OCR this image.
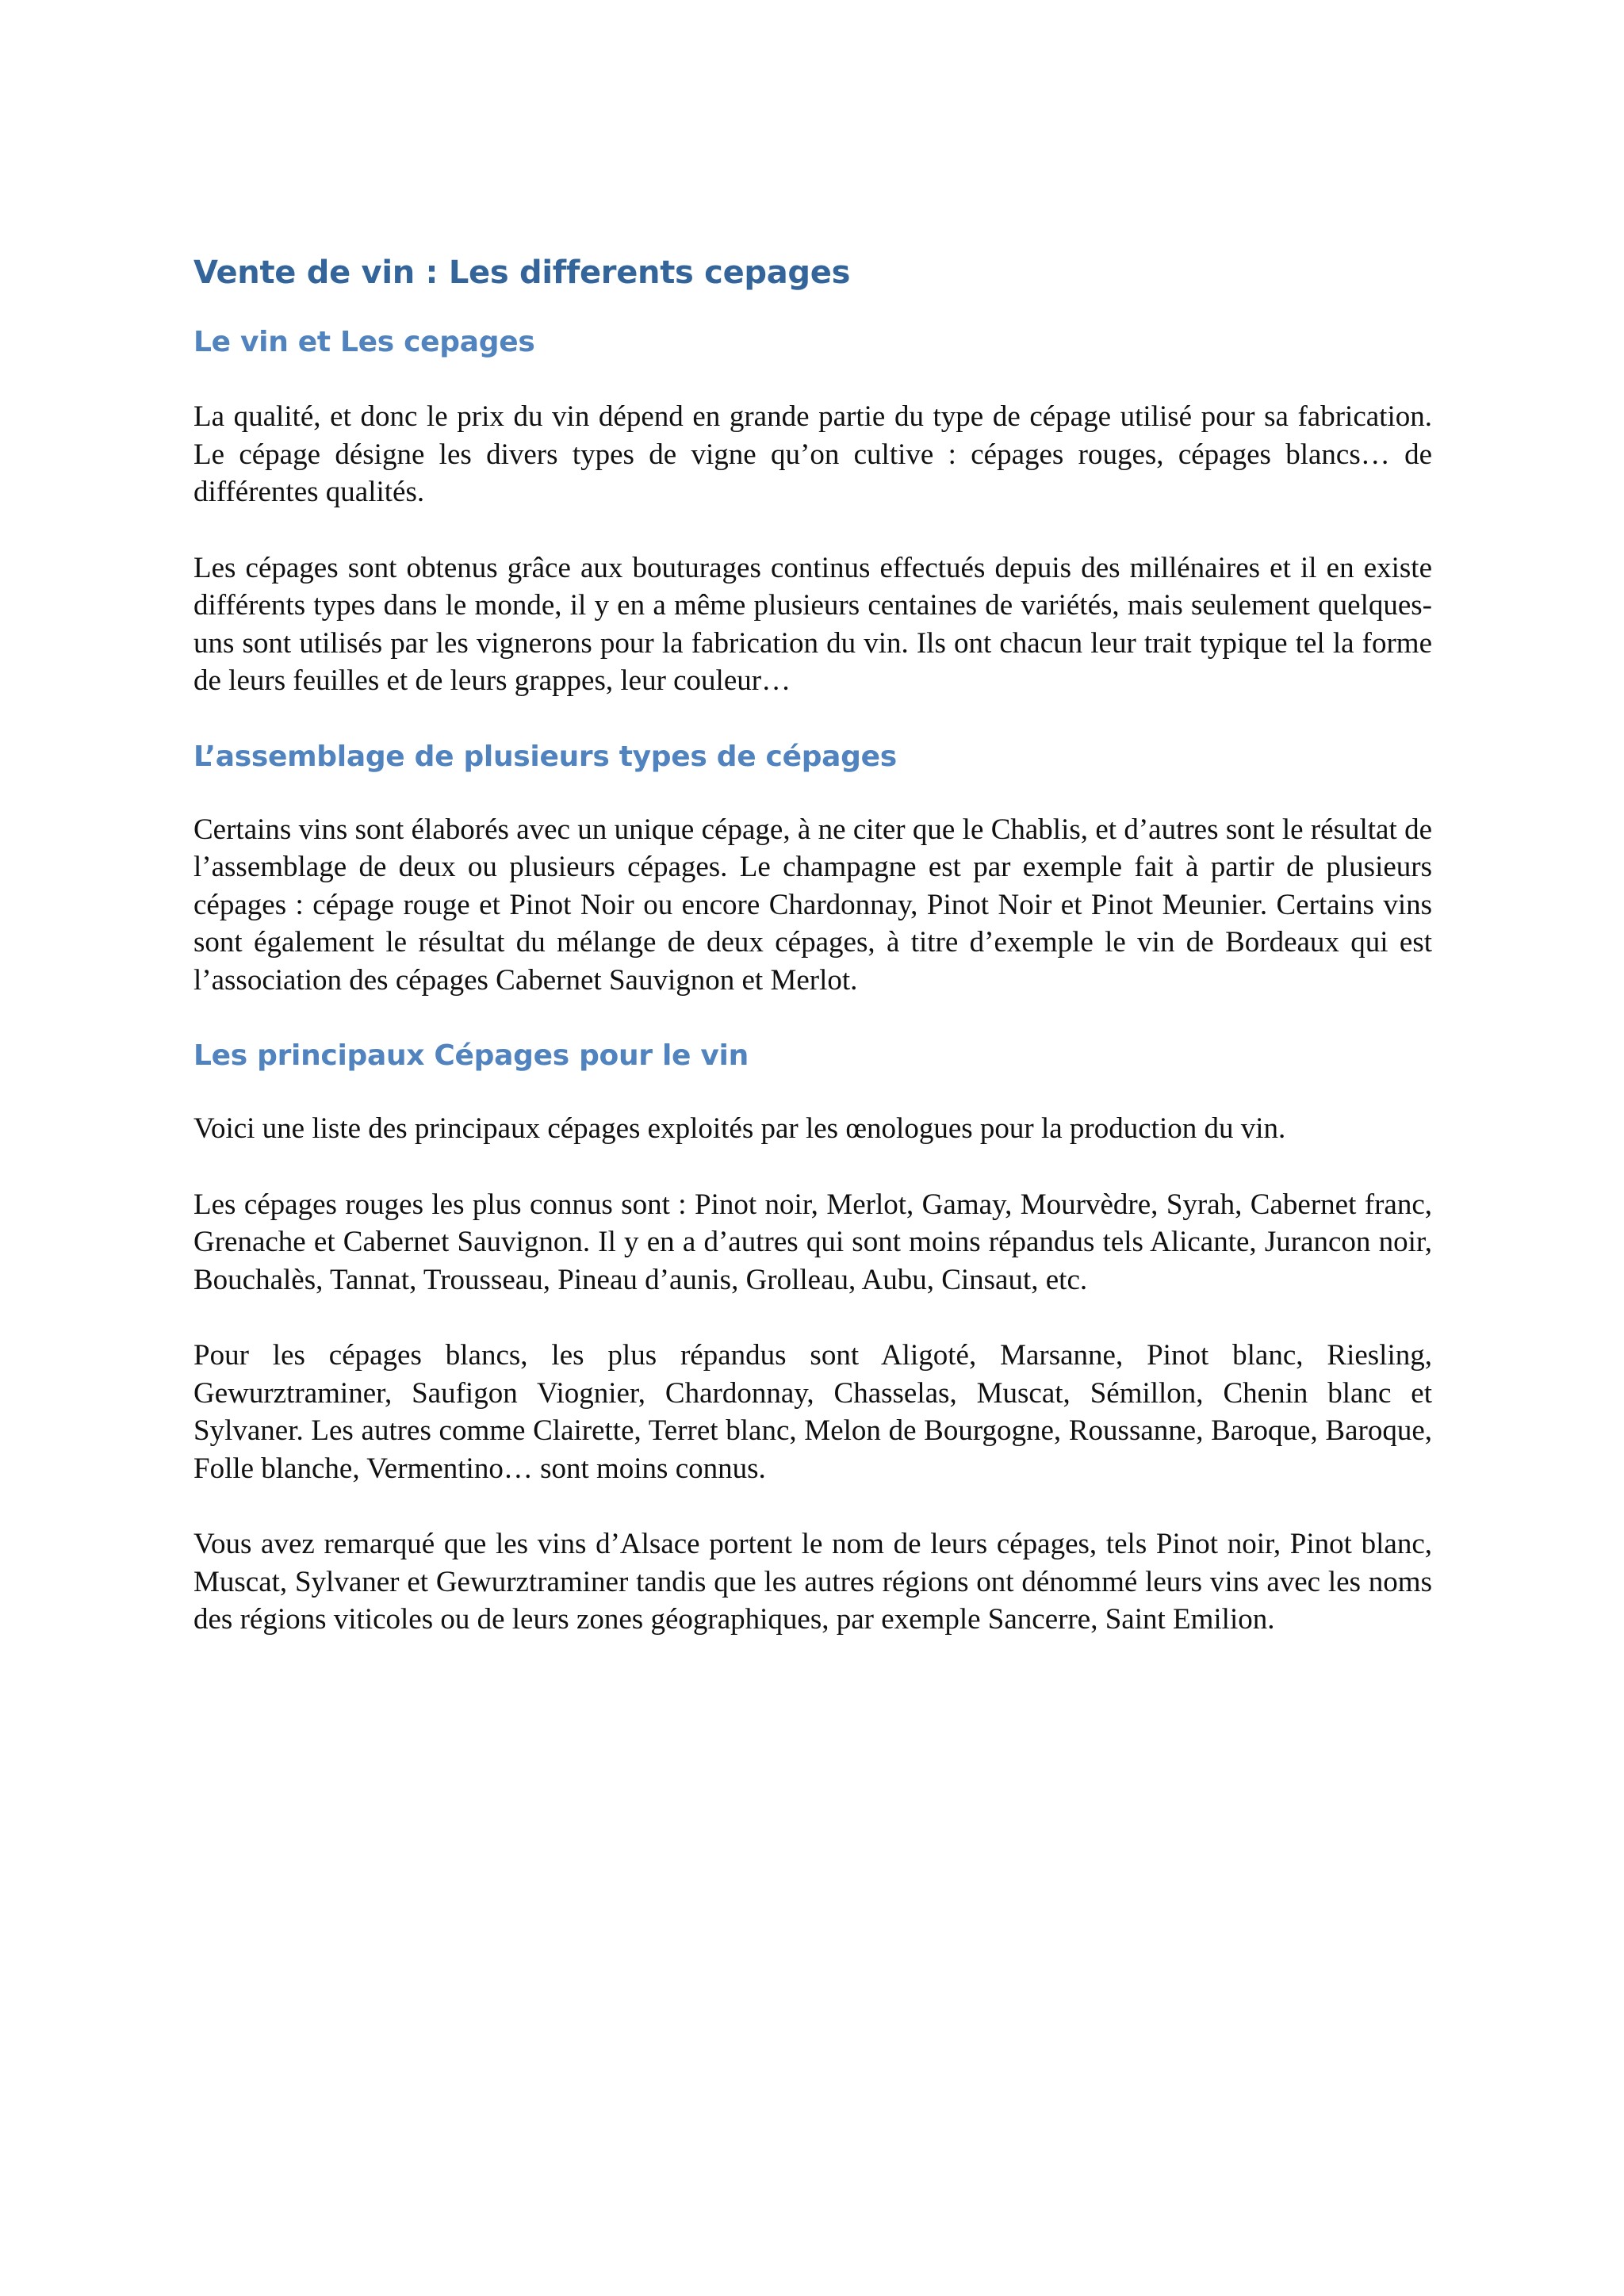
Vente de vin : Les differents cepages
Le vin et Les cepages

La qualité, et donc le prix du vin dépend en grande partie du type de cépage utilisé pour sa fabrication. Le cépage désigne les divers types de vigne qu’on cultive : cépages rouges, cépages blancs… de différentes qualités.

Les cépages sont obtenus grâce aux bouturages continus effectués depuis des millénaires et il en existe différents types dans le monde, il y en a même plusieurs centaines de variétés, mais seulement quelques-uns sont utilisés par les vignerons pour la fabrication du vin. Ils ont chacun leur trait typique tel la forme de leurs feuilles et de leurs grappes, leur couleur…

L’assemblage de plusieurs types de cépages

Certains vins sont élaborés avec un unique cépage, à ne citer que le Chablis, et d’autres sont le résultat de l’assemblage de deux ou plusieurs cépages. Le champagne est par exemple fait à partir de plusieurs cépages : cépage rouge et Pinot Noir ou encore Chardonnay, Pinot Noir et Pinot Meunier. Certains vins sont également le résultat du mélange de deux cépages, à titre d’exemple le vin de Bordeaux qui est l’association des cépages Cabernet Sauvignon et Merlot.

Les principaux Cépages pour le vin

Voici une liste des principaux cépages exploités par les œnologues pour la production du vin.

Les cépages rouges les plus connus sont : Pinot noir, Merlot, Gamay, Mourvèdre, Syrah, Cabernet franc, Grenache et Cabernet Sauvignon. Il y en a d’autres qui sont moins répandus tels Alicante, Jurancon noir, Bouchalès, Tannat, Trousseau, Pineau d’aunis, Grolleau, Aubu, Cinsaut, etc.

Pour les cépages blancs, les plus répandus sont Aligoté, Marsanne, Pinot blanc, Riesling, Gewurztraminer, Saufigon Viognier, Chardonnay, Chasselas, Muscat, Sémillon, Chenin blanc et Sylvaner. Les autres comme Clairette, Terret blanc, Melon de Bourgogne, Roussanne, Baroque, Baroque, Folle blanche, Vermentino… sont moins connus.

Vous avez remarqué que les vins d’Alsace portent le nom de leurs cépages, tels Pinot noir, Pinot blanc, Muscat, Sylvaner et Gewurztraminer tandis que les autres régions ont dénommé leurs vins avec les noms des régions viticoles ou de leurs zones géographiques, par exemple Sancerre, Saint Emilion.
